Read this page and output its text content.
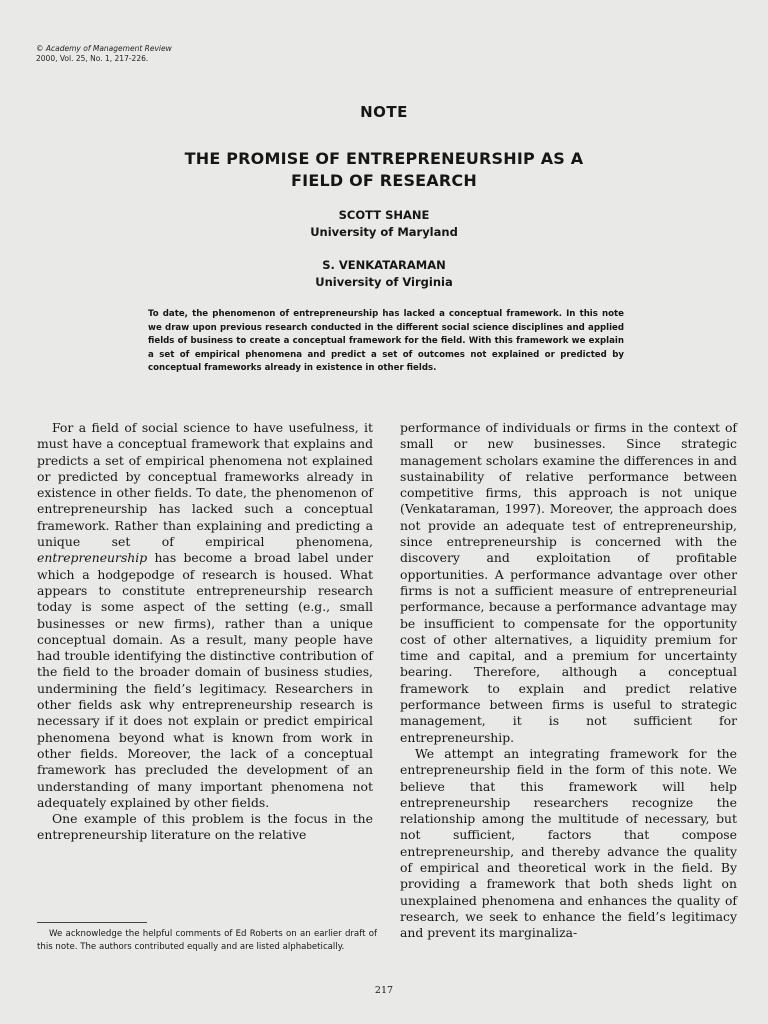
© Academy of Management Review
2000, Vol. 25, No. 1, 217-226.
NOTE
THE PROMISE OF ENTREPRENEURSHIP AS A
FIELD OF RESEARCH
SCOTT SHANE
University of Maryland
S. VENKATARAMAN
University of Virginia
To date, the phenomenon of entrepreneurship has lacked a conceptual framework. In this note we draw upon previous research conducted in the different social science disciplines and applied fields of business to create a conceptual framework for the field. With this framework we explain a set of empirical phenomena and predict a set of outcomes not explained or predicted by conceptual frameworks already in existence in other fields.

For a field of social science to have usefulness, it must have a conceptual framework that explains and predicts a set of empirical phenomena not explained or predicted by conceptual frameworks already in existence in other fields. To date, the phenomenon of entrepreneurship has lacked such a conceptual framework. Rather than explaining and predicting a unique set of empirical phenomena, entrepreneurship has become a broad label under which a hodgepodge of research is housed. What appears to constitute entrepreneurship research today is some aspect of the setting (e.g., small businesses or new firms), rather than a unique conceptual domain. As a result, many people have had trouble identifying the distinctive contribution of the field to the broader domain of business studies, undermining the field’s legitimacy. Researchers in other fields ask why entrepreneurship research is necessary if it does not explain or predict empirical phenomena beyond what is known from work in other fields. Moreover, the lack of a conceptual framework has precluded the development of an understanding of many important phenomena not adequately explained by other fields.

One example of this problem is the focus in the entrepreneurship literature on the relative

performance of individuals or firms in the context of small or new businesses. Since strategic management scholars examine the differences in and sustainability of relative performance between competitive firms, this approach is not unique (Venkataraman, 1997). Moreover, the approach does not provide an adequate test of entrepreneurship, since entrepreneurship is concerned with the discovery and exploitation of profitable opportunities. A performance advantage over other firms is not a sufficient measure of entrepreneurial performance, because a performance advantage may be insufficient to compensate for the opportunity cost of other alternatives, a liquidity premium for time and capital, and a premium for uncertainty bearing. Therefore, although a conceptual framework to explain and predict relative performance between firms is useful to strategic management, it is not sufficient for entrepreneurship.

We attempt an integrating framework for the entrepreneurship field in the form of this note. We believe that this framework will help entrepreneurship researchers recognize the relationship among the multitude of necessary, but not sufficient, factors that compose entrepreneurship, and thereby advance the quality of empirical and theoretical work in the field. By providing a framework that both sheds light on unexplained phenomena and enhances the quality of research, we seek to enhance the field’s legitimacy and prevent its marginaliza-

We acknowledge the helpful comments of Ed Roberts on an earlier draft of this note. The authors contributed equally and are listed alphabetically.
217
